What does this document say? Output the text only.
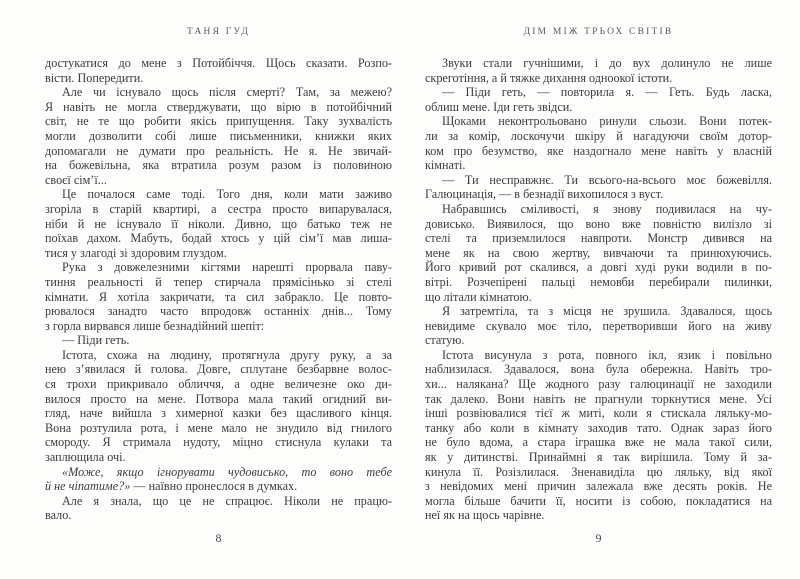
ТАНЯ ГУД
достукатися до мене з Потойбіччя. Щось сказати. Розпо-
вісти. Попередити.
Але чи існувало щось після смерті? Там, за межею?
Я навіть не могла стверджувати, що вірю в потойбічний
світ, не те що робити якісь припущення. Таку зухвалість
могли дозволити собі лише письменники, книжки яких
допомагали не думати про реальність. Не я. Не звичай-
на божевільна, яка втратила розум разом із половиною
своєї сім’ї...
Це почалося саме тоді. Того дня, коли мати заживо
згоріла в старій квартирі, а сестра просто випарувалася,
ніби й не існувало її ніколи. Дивно, що батько теж не
поїхав дахом. Мабуть, бодай хтось у цій сім’ї мав лиша-
тися у злагоді зі здоровим глуздом.
Рука з довжелезними кігтями нарешті прорвала паву-
тиння реальності й тепер стирчала прямісінько зі стелі
кімнати. Я хотіла закричати, та сил забракло. Це повто-
рювалося занадто часто впродовж останніх днів... Тому
з горла вирвався лише безнадійний шепіт:
— Піди геть.
Істота, схожа на людину, протягнула другу руку, а за
нею з’явилася й голова. Довге, сплутане безбарвне волос-
ся трохи прикривало обличчя, а одне величезне око ди-
вилося просто на мене. Потвора мала такий огидний ви-
гляд, наче вийшла з химерної казки без щасливого кінця.
Вона розтулила рота, і мене мало не знудило від гнилого
смороду. Я стримала нудоту, міцно стиснула кулаки та
заплющила очі.
«Може, якщо ігнорувати чудовисько, то воно тебе
й не чіпатиме?» — наївно пронеслося в думках.
Але я знала, що це не спрацює. Ніколи не працю-
вало.
8
ДІМ МІЖ ТРЬОХ СВІТІВ
Звуки стали гучнішими, і до вух долинуло не лише
скреготіння, а й тяжке дихання одноокої істоти.
— Піди геть, — повторила я. — Геть. Будь ласка,
облиш мене. Іди геть звідси.
Щоками неконтрольовано ринули сльози. Вони потек-
ли за комір, лоскочучи шкіру й нагадуючи своїм дотор-
ком про безумство, яке наздогнало мене навіть у власній
кімнаті.
— Ти несправжнє. Ти всього-на-всього моє божевілля.
Галюцинація, — в безнадії вихопилося з вуст.
Набравшись сміливості, я знову подивилася на чу-
довисько. Виявилося, що воно вже повністю вилізло зі
стелі та приземлилося навпроти. Монстр дивився на
мене як на свою жертву, вивчаючи та принюхуючись.
Його кривий рот скалився, а довгі худі руки водили в по-
вітрі. Розчепірені пальці немовби перебирали пилинки,
що літали кімнатою.
Я затремтіла, та з місця не зрушила. Здавалося, щось
невидиме скувало моє тіло, перетворивши його на живу
статую.
Істота висунула з рота, повного ікл, язик і повільно
наблизилася. Здавалося, вона була обережна. Навіть тро-
хи... налякана? Ще жодного разу галюцинації не заходили
так далеко. Вони навіть не прагнули торкнутися мене. Усі
інші розвіювалися тієї ж миті, коли я стискала ляльку-мо-
танку або коли в кімнату заходив тато. Однак зараз його
не було вдома, а стара іграшка вже не мала такої сили,
як у дитинстві. Принаймні я так вирішила. Тому й за-
кинула її. Розізлилася. Зненавиділа цю ляльку, від якої
з невідомих мені причин залежала вже десять років. Не
могла більше бачити її, носити із собою, покладатися на
неї як на щось чарівне.
9
